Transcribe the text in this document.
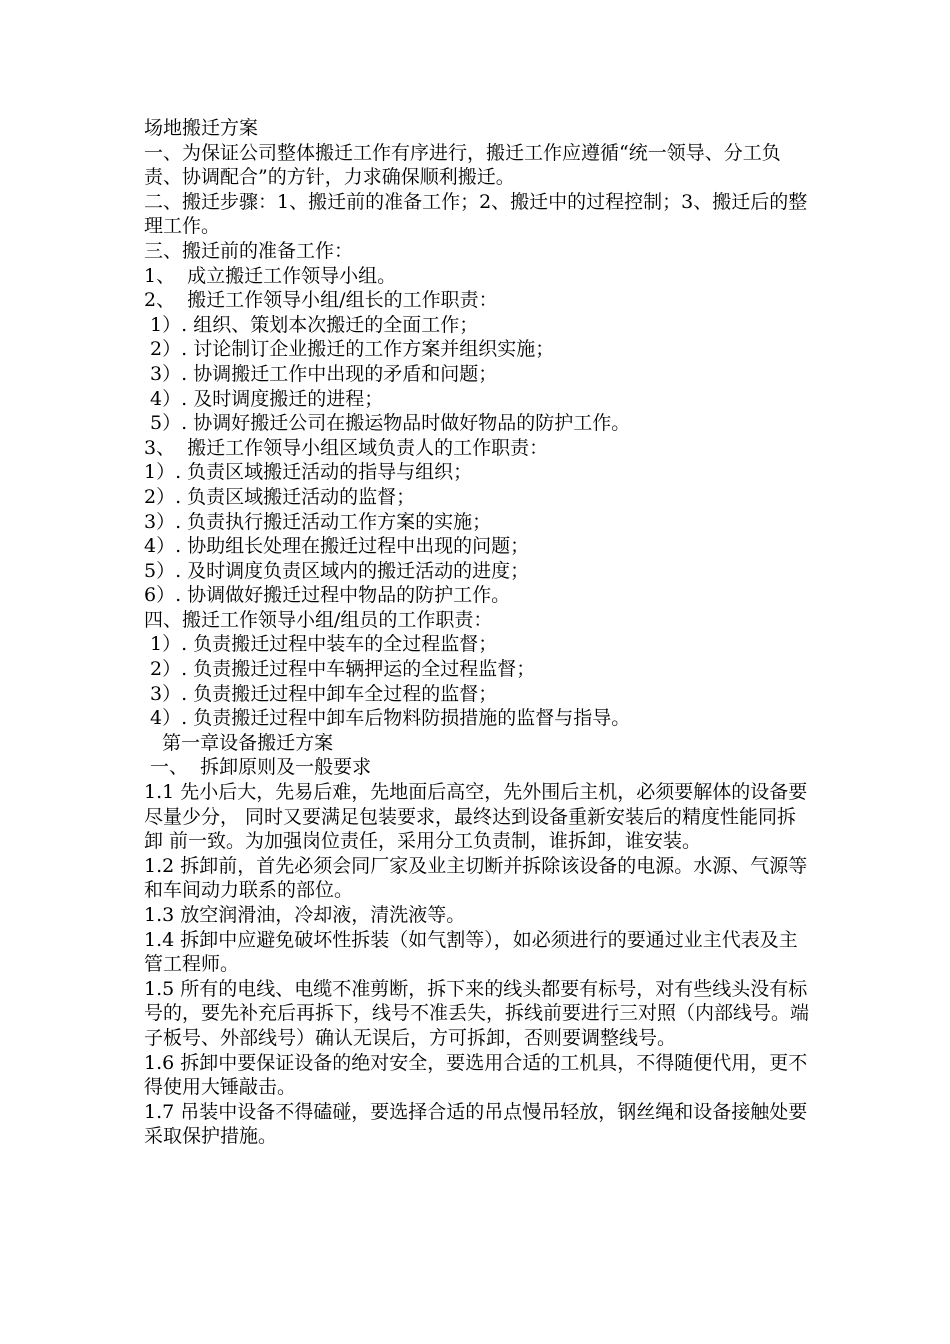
场地搬迁方案

一、为保证公司整体搬迁工作有序进行，搬迁工作应遵循“统一领导、分工负 责、协调配合”的方针，力求确保顺利搬迁。

二、搬迁步骤：1、搬迁前的准备工作；2、搬迁中的过程控制；3、搬迁后的整理工作。

三、搬迁前的准备工作：

1、  成立搬迁工作领导小组。

2、  搬迁工作领导小组/组长的工作职责：

1）. 组织、策划本次搬迁的全面工作；

2）. 讨论制订企业搬迁的工作方案并组织实施；

3）. 协调搬迁工作中出现的矛盾和问题；

4）. 及时调度搬迁的进程；

5）. 协调好搬迁公司在搬运物品时做好物品的防护工作。

3、  搬迁工作领导小组区域负责人的工作职责：

1）. 负责区域搬迁活动的指导与组织；

2）. 负责区域搬迁活动的监督；

3）. 负责执行搬迁活动工作方案的实施；

4）. 协助组长处理在搬迁过程中出现的问题；

5）. 及时调度负责区域内的搬迁活动的进度；

6）. 协调做好搬迁过程中物品的防护工作。

四、搬迁工作领导小组/组员的工作职责：

1）. 负责搬迁过程中装车的全过程监督；

2）. 负责搬迁过程中车辆押运的全过程监督；

3）. 负责搬迁过程中卸车全过程的监督；

4）. 负责搬迁过程中卸车后物料防损措施的监督与指导。

第一章设备搬迁方案

一、  拆卸原则及一般要求

1.1 先小后大，先易后难，先地面后高空，先外围后主机，必须要解体的设备要 尽量少分， 同时又要满足包装要求，最终达到设备重新安装后的精度性能同拆卸 前一致。为加强岗位责任，采用分工负责制，谁拆卸，谁安装。

1.2 拆卸前，首先必须会同厂家及业主切断并拆除该设备的电源。水源、气源等 和车间动力联系的部位。

1.3 放空润滑油，冷却液，清洗液等。

1.4 拆卸中应避免破坏性拆装（如气割等），如必须进行的要通过业主代表及主 管工程师。

1.5 所有的电线、电缆不准剪断，拆下来的线头都要有标号，对有些线头没有标 号的，要先补充后再拆下，线号不准丢失，拆线前要进行三对照（内部线号。端 子板号、外部线号）确认无误后，方可拆卸，否则要调整线号。

1.6 拆卸中要保证设备的绝对安全，要选用合适的工机具，不得随便代用，更不 得使用大锤敲击。

1.7 吊装中设备不得磕碰，要选择合适的吊点慢吊轻放，钢丝绳和设备接触处要 采取保护措施。
